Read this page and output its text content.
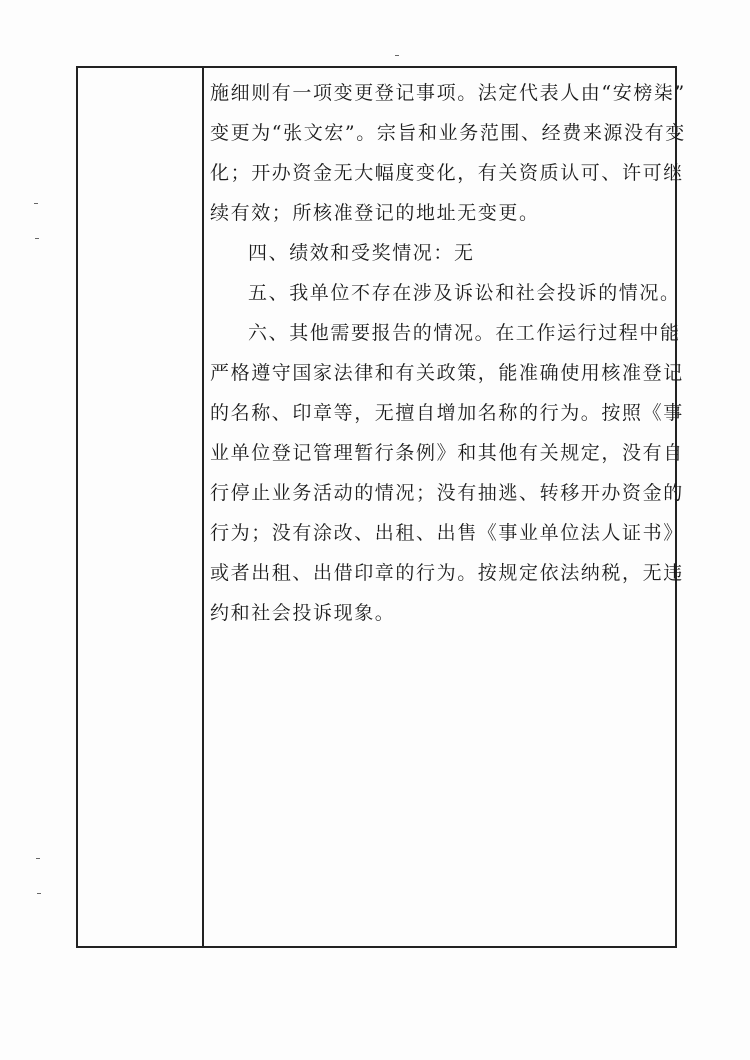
施细则有一项变更登记事项。法定代表人由“安榜柒”
变更为“张文宏”。宗旨和业务范围、经费来源没有变
化；开办资金无大幅度变化，有关资质认可、许可继
续有效；所核准登记的地址无变更。
四、绩效和受奖情况：无
五、我单位不存在涉及诉讼和社会投诉的情况。
六、其他需要报告的情况。在工作运行过程中能
严格遵守国家法律和有关政策，能准确使用核准登记
的名称、印章等，无擅自增加名称的行为。按照《事
业单位登记管理暂行条例》和其他有关规定，没有自
行停止业务活动的情况；没有抽逃、转移开办资金的
行为；没有涂改、出租、出售《事业单位法人证书》
或者出租、出借印章的行为。按规定依法纳税，无违
约和社会投诉现象。
